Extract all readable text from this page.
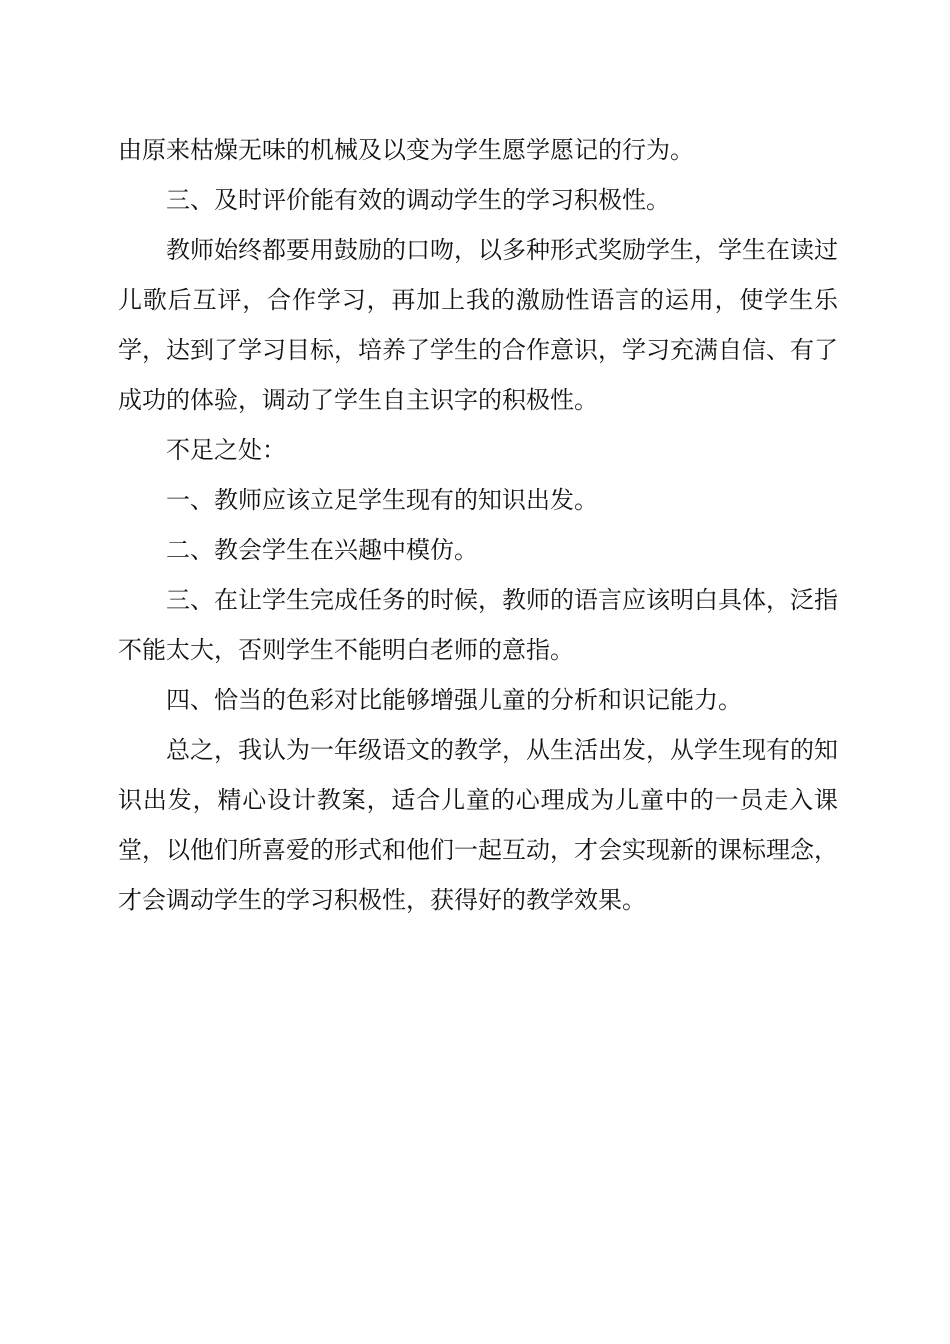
由原来枯燥无味的机械及以变为学生愿学愿记的行为。

三、及时评价能有效的调动学生的学习积极性。

教师始终都要用鼓励的口吻，以多种形式奖励学生，学生在读过儿歌后互评，合作学习，再加上我的激励性语言的运用，使学生乐学，达到了学习目标，培养了学生的合作意识，学习充满自信、有了成功的体验，调动了学生自主识字的积极性。

不足之处：

一、教师应该立足学生现有的知识出发。

二、教会学生在兴趣中模仿。

三、在让学生完成任务的时候，教师的语言应该明白具体，泛指不能太大，否则学生不能明白老师的意指。

四、恰当的色彩对比能够增强儿童的分析和识记能力。

总之，我认为一年级语文的教学，从生活出发，从学生现有的知识出发，精心设计教案，适合儿童的心理成为儿童中的一员走入课堂，以他们所喜爱的形式和他们一起互动，才会实现新的课标理念，才会调动学生的学习积极性，获得好的教学效果。
